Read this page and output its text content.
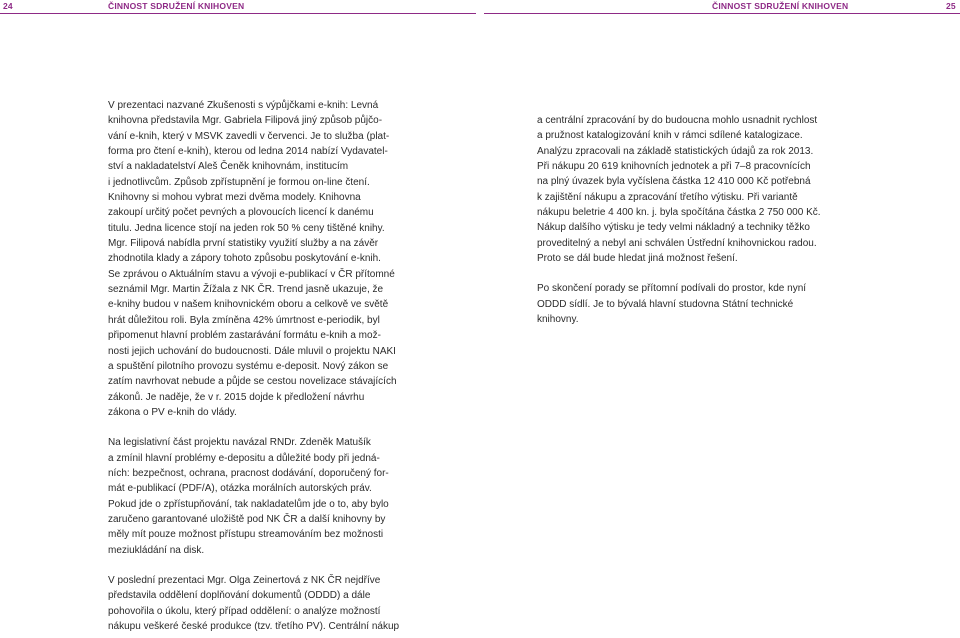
24	ČINNOST SDRUŽENÍ KNIHOVEN	ČINNOST SDRUŽENÍ KNIHOVEN	25

V prezentaci nazvané Zkušenosti s výpůjčkami e-knih: Levná
knihovna představila Mgr. Gabriela Filipová jiný způsob půjčo-
vání e-knih, který v MSVK zavedli v červenci. Je to služba (plat-
forma pro čtení e-knih), kterou od ledna 2014 nabízí Vydavatel-
ství a nakladatelství Aleš Čeněk knihovnám, institucím
i jednotlivcům. Způsob zpřístupnění je formou on-line čtení.
Knihovny si mohou vybrat mezi dvěma modely. Knihovna
zakoupí určitý počet pevných a plovoucích licencí k danému
titulu. Jedna licence stojí na jeden rok 50 % ceny tištěné knihy.
Mgr. Filipová nabídla první statistiky využití služby a na závěr
zhodnotila klady a zápory tohoto způsobu poskytování e-knih.
Se zprávou o Aktuálním stavu a vývoji e-publikací v ČR přítomné
seznámil Mgr. Martin Žížala z NK ČR. Trend jasně ukazuje, že
e-knihy budou v našem knihovnickém oboru a celkově ve světě
hrát důležitou roli. Byla zmíněna 42% úmrtnost e-periodik, byl
připomenut hlavní problém zastarávání formátu e-knih a mož-
nosti jejich uchování do budoucnosti. Dále mluvil o projektu NAKI
a spuštění pilotního provozu systému e-deposit. Nový zákon se
zatím navrhovat nebude a půjde se cestou novelizace stávajících
zákonů. Je naděje, že v r. 2015 dojde k předložení návrhu
zákona o PV e-knih do vlády.

Na legislativní část projektu navázal RNDr. Zdeněk Matušík
a zmínil hlavní problémy e-depositu a důležité body při jedná-
ních: bezpečnost, ochrana, pracnost dodávání, doporučený for-
mát e-publikací (PDF/A), otázka morálních autorských práv.
Pokud jde o zpřístupňování, tak nakladatelům jde o to, aby bylo
zaručeno garantované uložiště pod NK ČR a další knihovny by
měly mít pouze možnost přístupu streamováním bez možnosti
meziukládání na disk.

V poslední prezentaci Mgr. Olga Zeinertová z NK ČR nejdříve
představila oddělení doplňování dokumentů (ODDD) a dále
pohovořila o úkolu, který případ oddělení: o analýze možností
nákupu veškeré české produkce (tzv. třetího PV). Centrální nákup

a centrální zpracování by do budoucna mohlo usnadnit rychlost
a pružnost katalogizování knih v rámci sdílené katalogizace.
Analýzu zpracovali na základě statistických údajů za rok 2013.
Při nákupu 20 619 knihovních jednotek a při 7–8 pracovnících
na plný úvazek byla vyčíslena částka 12 410 000 Kč potřebná
k zajištění nákupu a zpracování třetího výtisku. Při variantě
nákupu beletrie 4 400 kn. j. byla spočítána částka 2 750 000 Kč.
Nákup dalšího výtisku je tedy velmi nákladný a techniky těžko
proveditelný a nebyl ani schválen Ústřední knihovnickou radou.
Proto se dál bude hledat jiná možnost řešení.

Po skončení porady se přítomní podívali do prostor, kde nyní
ODDD sídlí. Je to bývalá hlavní studovna Státní technické
knihovny.
